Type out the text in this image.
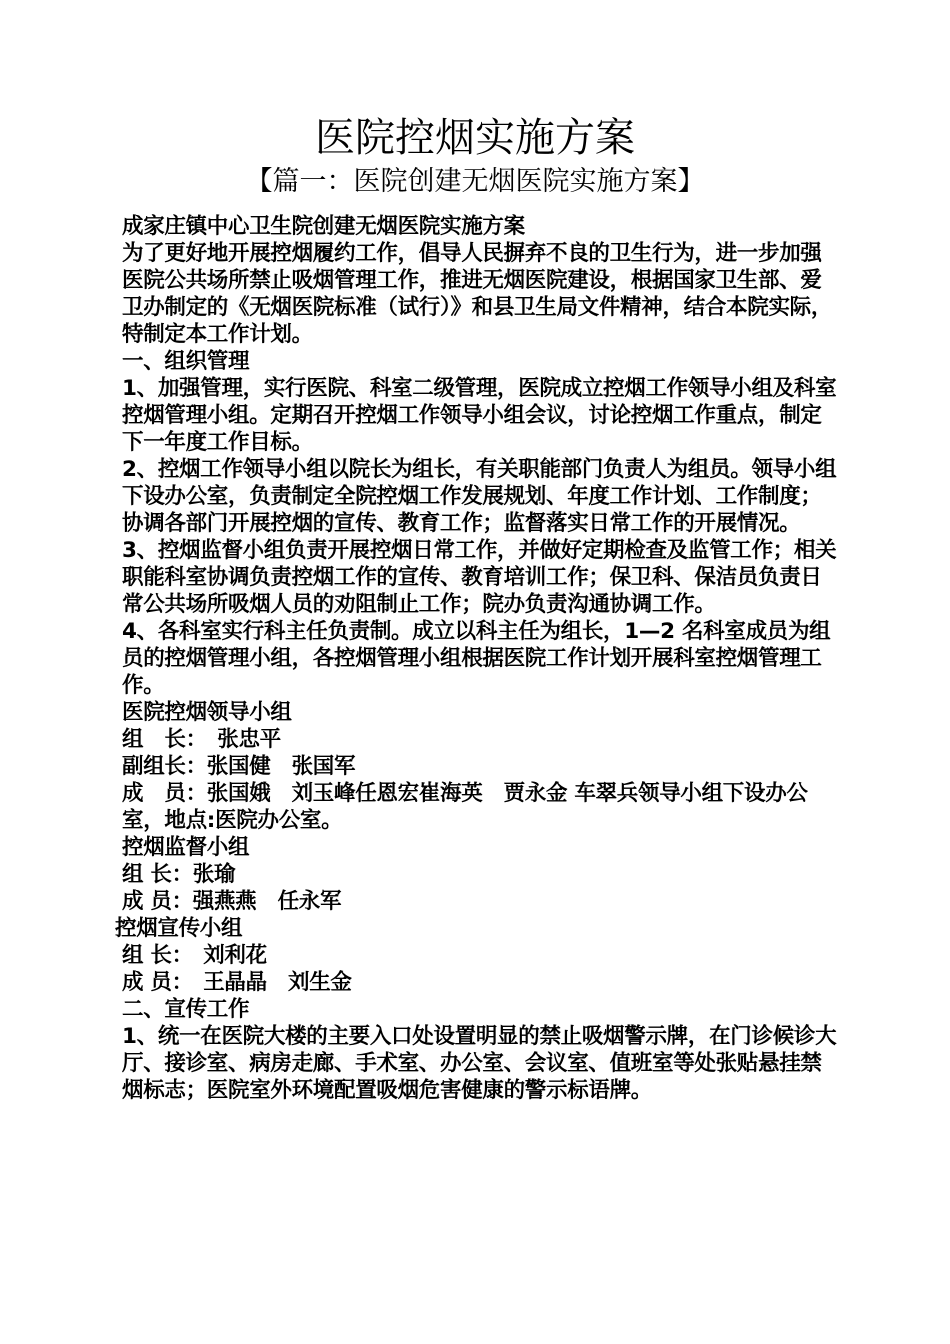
医院控烟实施方案
【篇一：医院创建无烟医院实施方案】

成家庄镇中心卫生院创建无烟医院实施方案

为了更好地开展控烟履约工作，倡导人民摒弃不良的卫生行为，进一步加强医院公共场所禁止吸烟管理工作，推进无烟医院建设，根据国家卫生部、爱卫办制定的《无烟医院标准（试行）》和县卫生局文件精神，结合本院实际，特制定本工作计划。

一、组织管理

1、加强管理，实行医院、科室二级管理，医院成立控烟工作领导小组及科室控烟管理小组。定期召开控烟工作领导小组会议，讨论控烟工作重点，制定下一年度工作目标。

2、控烟工作领导小组以院长为组长，有关职能部门负责人为组员。领导小组下设办公室，负责制定全院控烟工作发展规划、年度工作计划、工作制度；协调各部门开展控烟的宣传、教育工作；监督落实日常工作的开展情况。

3、控烟监督小组负责开展控烟日常工作，并做好定期检查及监管工作；相关职能科室协调负责控烟工作的宣传、教育培训工作；保卫科、保洁员负责日常公共场所吸烟人员的劝阻制止工作；院办负责沟通协调工作。

4、各科室实行科主任负责制。成立以科主任为组长，1—2 名科室成员为组员的控烟管理小组，各控烟管理小组根据医院工作计划开展科室控烟管理工作。

医院控烟领导小组

组　长：　张忠平

副组长：张国健　张国军

成　员：张国娥　刘玉峰任恩宏崔海英　贾永金 车翠兵领导小组下设办公室，地点:医院办公室。

控烟监督小组

组 长：张瑜

成 员：强燕燕　任永军

控烟宣传小组

组 长：　刘利花

成 员：　王晶晶　刘生金

二、宣传工作

1、统一在医院大楼的主要入口处设置明显的禁止吸烟警示牌，在门诊候诊大厅、接诊室、病房走廊、手术室、办公室、会议室、值班室等处张贴悬挂禁烟标志；医院室外环境配置吸烟危害健康的警示标语牌。
